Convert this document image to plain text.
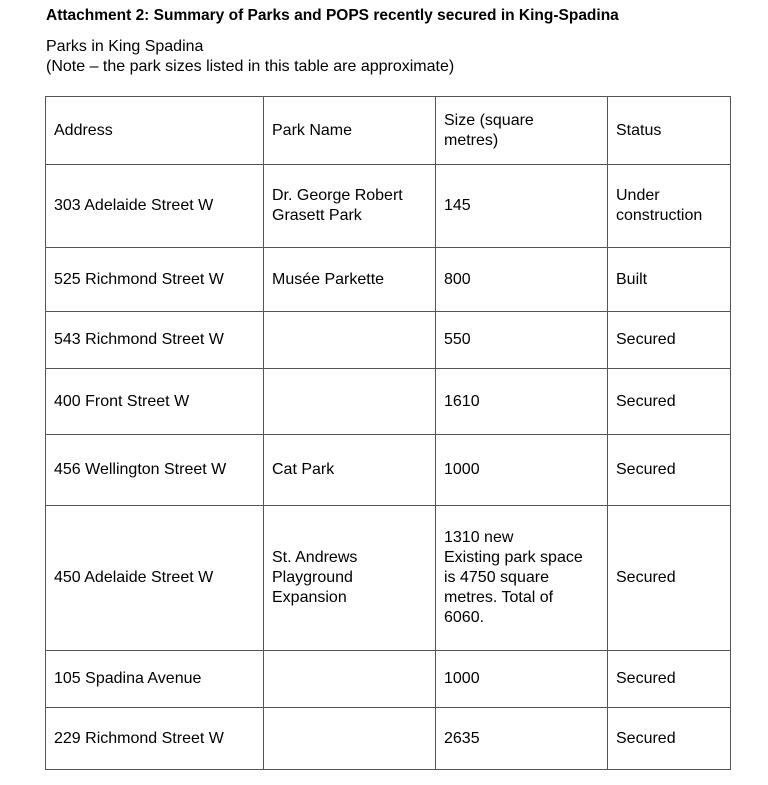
Attachment 2: Summary of Parks and POPS recently secured in King-Spadina
Parks in King Spadina
(Note – the park sizes listed in this table are approximate)
Address	Park Name	Size (square
metres)	Status
303 Adelaide Street W	Dr. George Robert
Grasett Park	145	Under
construction
525 Richmond Street W	Musée Parkette	800	Built
543 Richmond Street W		550	Secured
400 Front Street W		1610	Secured
456 Wellington Street W	Cat Park	1000	Secured
450 Adelaide Street W	St. Andrews
Playground
Expansion	1310 new
Existing park space
is 4750 square
metres. Total of
6060.	Secured
105 Spadina Avenue		1000	Secured
229 Richmond Street W		2635	Secured
